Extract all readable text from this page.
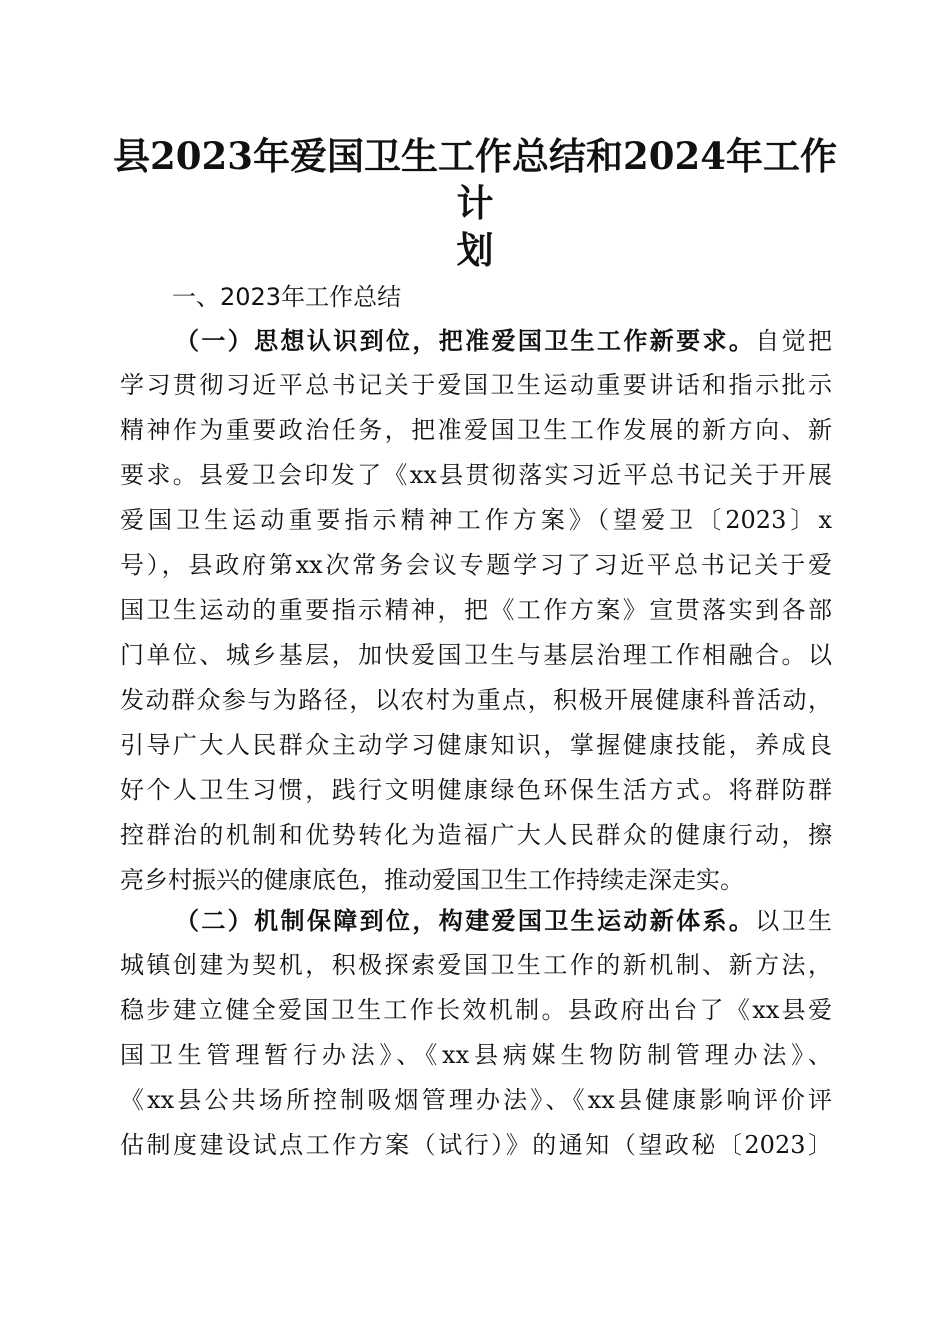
县2023年爱国卫生工作总结和2024年工作计
划
一、2023年工作总结
（一）思想认识到位，把准爱国卫生工作新要求。自觉把
学习贯彻习近平总书记关于爱国卫生运动重要讲话和指示批示
精神作为重要政治任务，把准爱国卫生工作发展的新方向、新
要求。县爱卫会印发了《xx县贯彻落实习近平总书记关于开展
爱国卫生运动重要指示精神工作方案》（望爱卫〔2023〕x
号），县政府第xx次常务会议专题学习了习近平总书记关于爱
国卫生运动的重要指示精神，把《工作方案》宣贯落实到各部
门单位、城乡基层，加快爱国卫生与基层治理工作相融合。以
发动群众参与为路径，以农村为重点，积极开展健康科普活动，
引导广大人民群众主动学习健康知识，掌握健康技能，养成良
好个人卫生习惯，践行文明健康绿色环保生活方式。将群防群
控群治的机制和优势转化为造福广大人民群众的健康行动，擦
亮乡村振兴的健康底色，推动爱国卫生工作持续走深走实。
（二）机制保障到位，构建爱国卫生运动新体系。以卫生
城镇创建为契机，积极探索爱国卫生工作的新机制、新方法，
稳步建立健全爱国卫生工作长效机制。县政府出台了《xx县爱
国卫生管理暂行办法》、《xx县病媒生物防制管理办法》、
《xx县公共场所控制吸烟管理办法》、《xx县健康影响评价评
估制度建设试点工作方案（试行）》的通知（望政秘〔2023〕
